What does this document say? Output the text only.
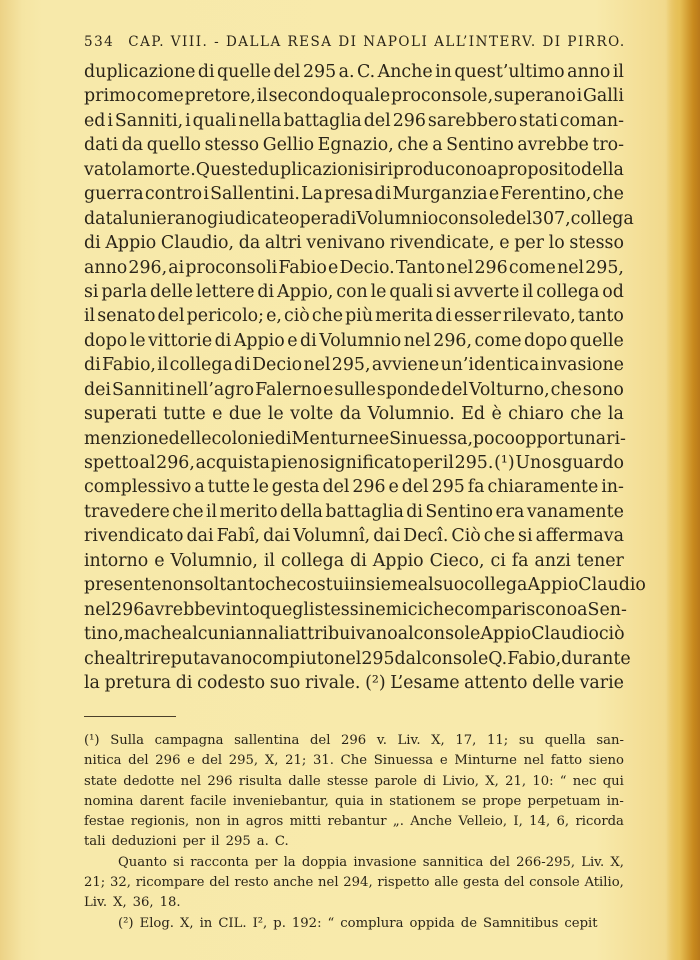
534 CAP. VIII. - DALLA RESA DI NAPOLI ALL’INTERV. DI PIRRO.
duplicazione di quelle del 295 a. C. Anche in quest’ultimo anno il
primo come pretore, il secondo quale proconsole, superano i Galli
ed i Sanniti, i quali nella battaglia del 296 sarebbero stati coman-
dati da quello stesso Gellio Egnazio, che a Sentino avrebbe tro-
vato la morte. Queste duplicazioni si riproducono a proposito della
guerra contro i Sallentini. La presa di Murganzia e Ferentino, che
da taluni erano giudicate opera di Volumnio console del 307, collega
di Appio Claudio, da altri venivano rivendicate, e per lo stesso
anno 296, ai proconsoli Fabio e Decio. Tanto nel 296 come nel 295,
si parla delle lettere di Appio, con le quali si avverte il collega od
il senato del pericolo; e, ciò che più merita di esser rilevato, tanto
dopo le vittorie di Appio e di Volumnio nel 296, come dopo quelle
di Fabio, il collega di Decio nel 295, avviene un’identica invasione
dei Sanniti nell’agro Falerno e sulle sponde del Volturno, che sono
superati tutte e due le volte da Volumnio. Ed è chiaro che la
menzione delle colonie di Menturne e Sinuessa, poco opportuna ri-
spetto al 296, acquista pieno significato per il 295. (¹) Uno sguardo
complessivo a tutte le gesta del 296 e del 295 fa chiaramente in-
travedere che il merito della battaglia di Sentino era vanamente
rivendicato dai Fabî, dai Volumnî, dai Decî. Ciò che si affermava
intorno e Volumnio, il collega di Appio Cieco, ci fa anzi tener
presente non soltanto che costui insieme al suo collega Appio Claudio
nel 296 avrebbe vinto quegli stessi nemici che compariscono a Sen-
tino, ma che alcuni annali attribuivano al console Appio Claudio ciò
che altri reputavano compiuto nel 295 dal console Q. Fabio, durante
la pretura di codesto suo rivale. (²) L’esame attento delle varie
(¹) Sulla campagna sallentina del 296 v. Liv. X, 17, 11; su quella san-
nitica del 296 e del 295, X, 21; 31. Che Sinuessa e Minturne nel fatto sieno
state dedotte nel 296 risulta dalle stesse parole di Livio, X, 21, 10: “ nec qui
nomina darent facile inveniebantur, quia in stationem se prope perpetuam in-
festae regionis, non in agros mitti rebantur „. Anche Velleio, I, 14, 6, ricorda
tali deduzioni per il 295 a. C.
Quanto si racconta per la doppia invasione sannitica del 266-295, Liv. X,
21; 32, ricompare del resto anche nel 294, rispetto alle gesta del console Atilio,
Liv. X, 36, 18.
(²) Elog. X, in CIL. I², p. 192: “ complura oppida de Samnitibus cepit
